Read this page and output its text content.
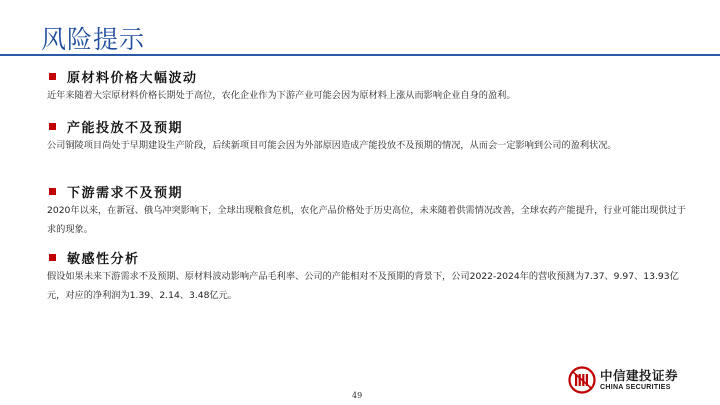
风险提示
原材料价格大幅波动
近年来随着大宗原材料价格长期处于高位，农化企业作为下游产业可能会因为原材料上涨从而影响企业自身的盈利。
产能投放不及预期
公司铜陵项目尚处于早期建设生产阶段，后续新项目可能会因为外部原因造成产能投放不及预期的情况，从而会一定影响到公司的盈利状况。
下游需求不及预期
2020年以来，在新冠、俄乌冲突影响下，全球出现粮食危机，农化产品价格处于历史高位，未来随着供需情况改善，全球农药产能提升，行业可能出现供过于求的现象。
敏感性分析
假设如果未来下游需求不及预期、原材料波动影响产品毛利率、公司的产能相对不及预期的背景下，公司2022-2024年的营收预测为7.37、9.97、13.93亿元，对应的净利润为1.39、2.14、3.48亿元。
49
中信建投证券
CHINA SECURITIES
